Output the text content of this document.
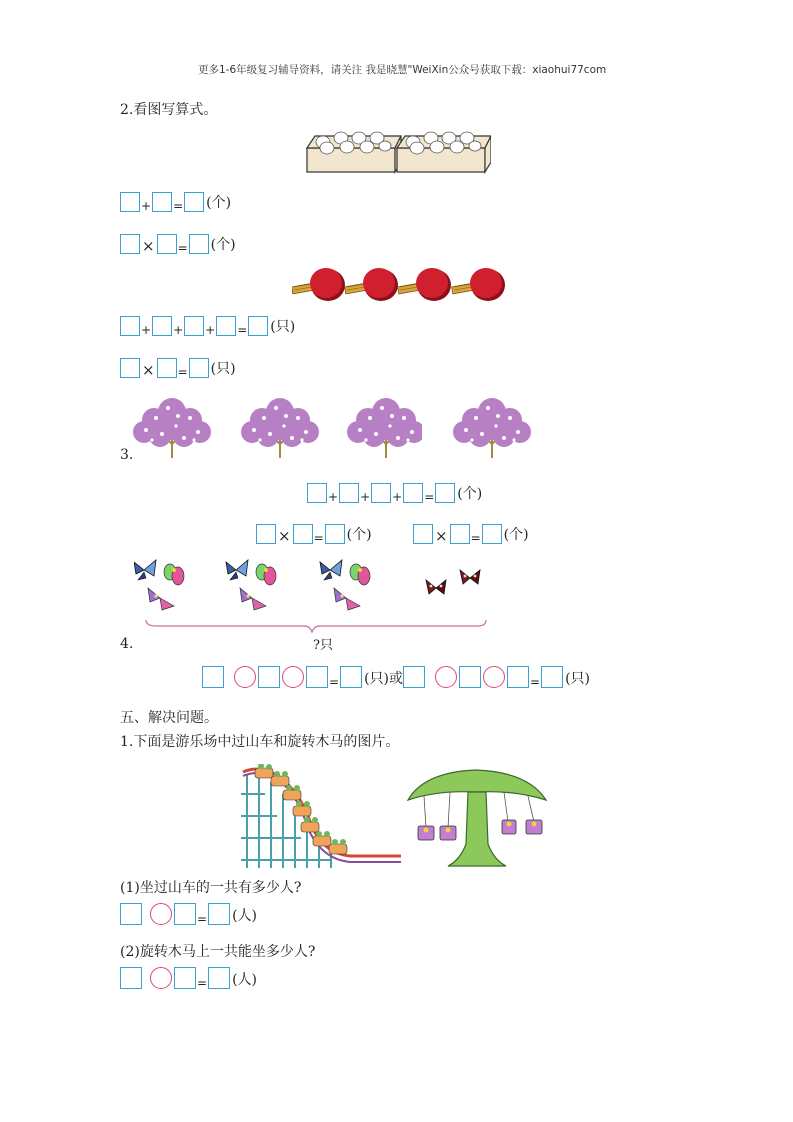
更多1-6年级复习辅导资料，请关注 我是晓慧"WeiXin公众号获取下载：xiaohui77com
2.看图写算式。
+ = (个)
× = (个)
+ + + = (只)
× = (只)
3.
+ + + = (个)
× = (个)	× = (个)
?只
4.
= (只) 或	= (只)
五、解决问题。
1.下面是游乐场中过山车和旋转木马的图片。
(1)坐过山车的一共有多少人?
= (人)
(2)旋转木马上一共能坐多少人?
= (人)
